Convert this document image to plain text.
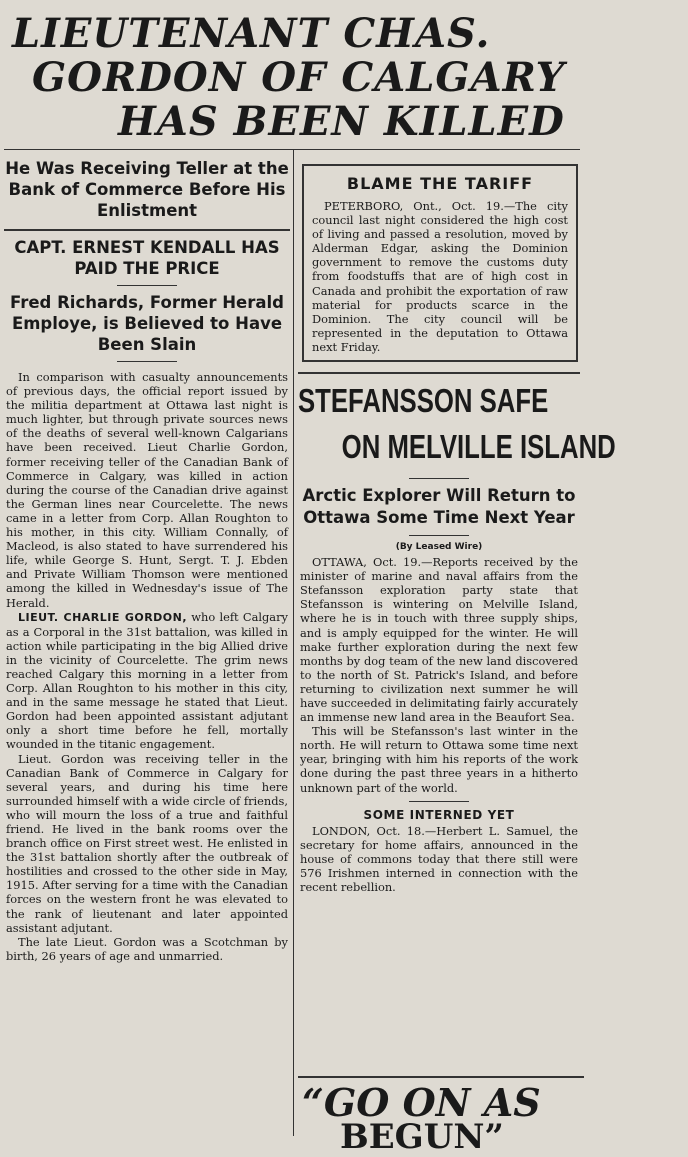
LIEUTENANT CHAS.
GORDON OF CALGARY
HAS BEEN KILLED

He Was Receiving Teller at the Bank of Commerce Before His Enlistment

CAPT. ERNEST KENDALL HAS PAID THE PRICE

Fred Richards, Former Herald Employe, is Believed to Have Been Slain

In comparison with casualty announcements of previous days, the official report issued by the militia department at Ottawa last night is much lighter, but through private sources news of the deaths of several well-known Calgarians have been received. Lieut Charlie Gordon, former receiving teller of the Canadian Bank of Commerce in Calgary, was killed in action during the course of the Canadian drive against the German lines near Courcelette. The news came in a letter from Corp. Allan Roughton to his mother, in this city. William Connally, of Macleod, is also stated to have surrendered his life, while George S. Hunt, Sergt. T. J. Ebden and Private William Thomson were mentioned among the killed in Wednesday's issue of The Herald.

LIEUT. CHARLIE GORDON, who left Calgary as a Corporal in the 31st battalion, was killed in action while participating in the big Allied drive in the vicinity of Courcelette. The grim news reached Calgary this morning in a letter from Corp. Allan Roughton to his mother in this city, and in the same message he stated that Lieut. Gordon had been appointed assistant adjutant only a short time before he fell, mortally wounded in the titanic engagement.

Lieut. Gordon was receiving teller in the Canadian Bank of Commerce in Calgary for several years, and during his time here surrounded himself with a wide circle of friends, who will mourn the loss of a true and faithful friend. He lived in the bank rooms over the branch office on First street west. He enlisted in the 31st battalion shortly after the outbreak of hostilities and crossed to the other side in May, 1915. After serving for a time with the Canadian forces on the western front he was elevated to the rank of lieutenant and later appointed assistant adjutant.

The late Lieut. Gordon was a Scotchman by birth, 26 years of age and unmarried.

BLAME THE TARIFF

PETERBORO, Ont., Oct. 19.—The city council last night considered the high cost of living and passed a resolution, moved by Alderman Edgar, asking the Dominion government to remove the customs duty from foodstuffs that are of high cost in Canada and prohibit the exportation of raw material for products scarce in the Dominion. The city council will be represented in the deputation to Ottawa next Friday.

STEFANSSON SAFE

ON MELVILLE ISLAND

Arctic Explorer Will Return to Ottawa Some Time Next Year

(By Leased Wire)

OTTAWA, Oct. 19.—Reports received by the minister of marine and naval affairs from the Stefansson exploration party state that Stefansson is wintering on Melville Island, where he is in touch with three supply ships, and is amply equipped for the winter. He will make further exploration during the next few months by dog team of the new land discovered to the north of St. Patrick's Island, and before returning to civilization next summer he will have succeeded in delimitating fairly accurately an immense new land area in the Beaufort Sea.

This will be Stefansson's last winter in the north. He will return to Ottawa some time next year, bringing with him his reports of the work done during the past three years in a hitherto unknown part of the world.

SOME INTERNED YET

LONDON, Oct. 18.—Herbert L. Samuel, the secretary for home affairs, announced in the house of commons today that there still were 576 Irishmen interned in connection with the recent rebellion.

“GO ON AS
BEGUN”
